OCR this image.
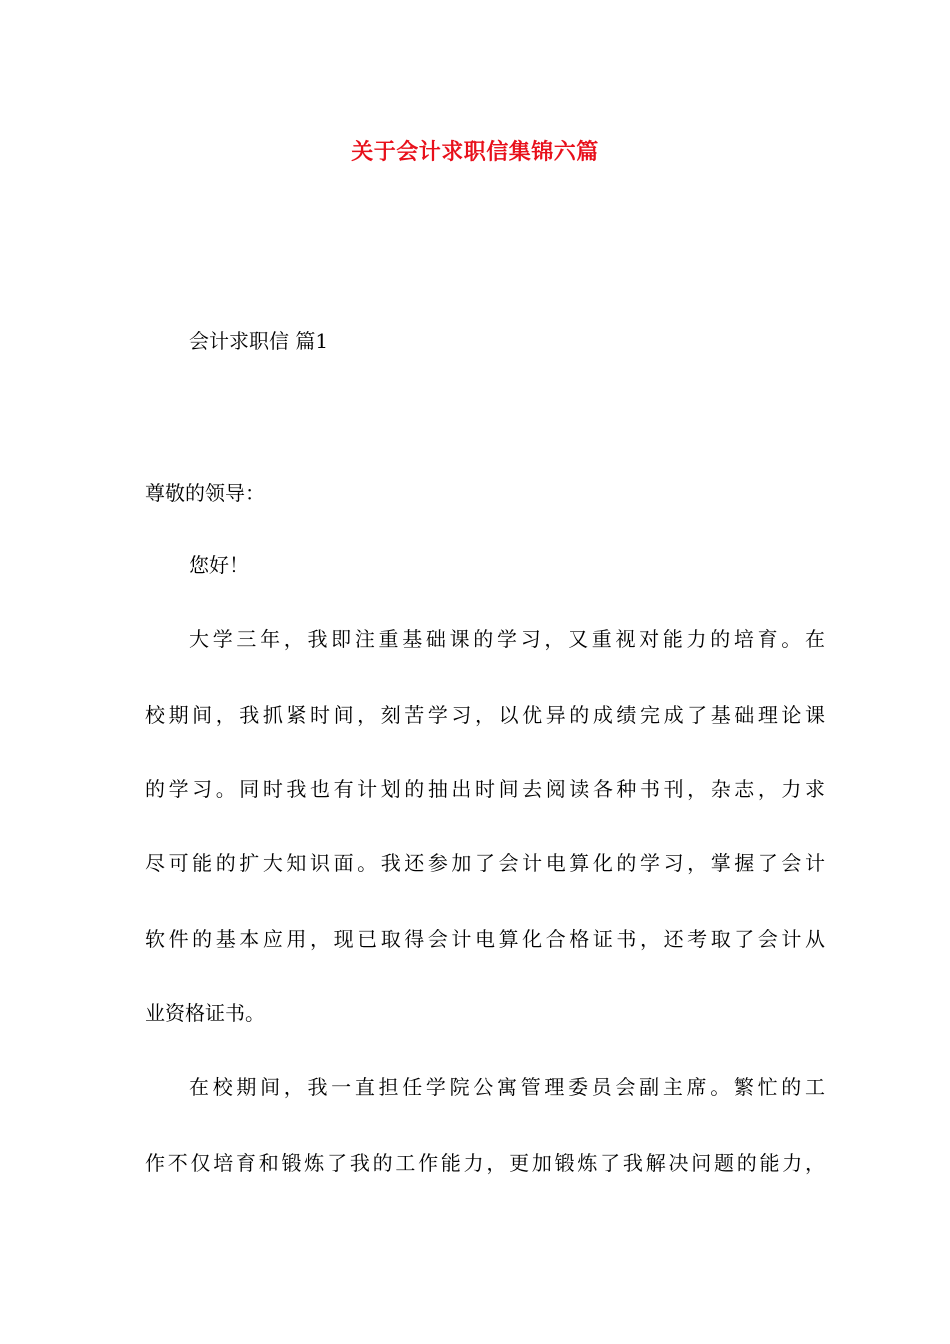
关于会计求职信集锦六篇
会计求职信 篇1
尊敬的领导：
您好！
大学三年，我即注重基础课的学习，又重视对能力的培育。在
校期间，我抓紧时间，刻苦学习，以优异的成绩完成了基础理论课
的学习。同时我也有计划的抽出时间去阅读各种书刊，杂志，力求
尽可能的扩大知识面。我还参加了会计电算化的学习，掌握了会计
软件的基本应用，现已取得会计电算化合格证书，还考取了会计从
业资格证书。
在校期间，我一直担任学院公寓管理委员会副主席。繁忙的工
作不仅培育和锻炼了我的工作能力，更加锻炼了我解决问题的能力，
